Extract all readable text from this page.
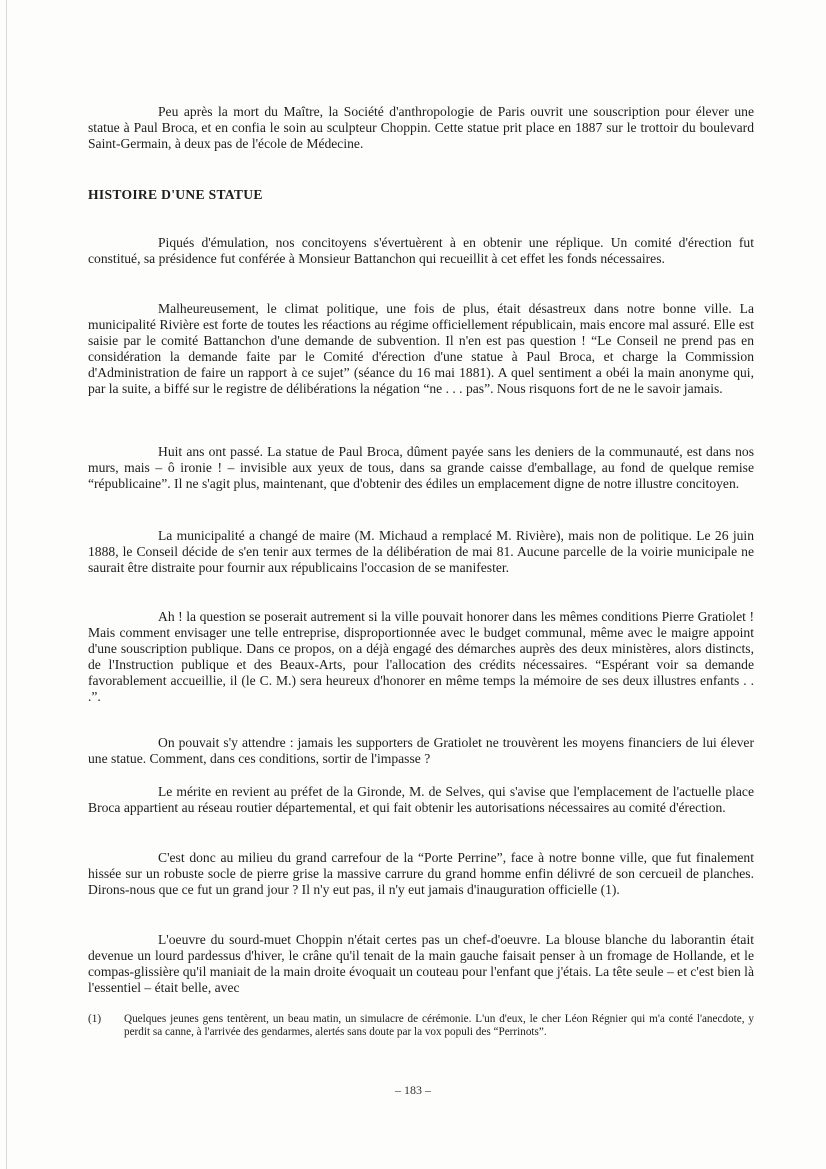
Peu après la mort du Maître, la Société d'anthropologie de Paris ouvrit une souscription pour élever une statue à Paul Broca, et en confia le soin au sculpteur Choppin. Cette statue prit place en 1887 sur le trottoir du boulevard Saint-Germain, à deux pas de l'école de Médecine.

HISTOIRE D'UNE STATUE

Piqués d'émulation, nos concitoyens s'évertuèrent à en obtenir une réplique. Un comité d'érection fut constitué, sa présidence fut conférée à Monsieur Battanchon qui recueillit à cet effet les fonds nécessaires.

Malheureusement, le climat politique, une fois de plus, était désastreux dans notre bonne ville. La municipalité Rivière est forte de toutes les réactions au régime officiellement républicain, mais encore mal assuré. Elle est saisie par le comité Battanchon d'une demande de subvention. Il n'en est pas question ! “Le Conseil ne prend pas en considération la demande faite par le Comité d'érection d'une statue à Paul Broca, et charge la Commission d'Administration de faire un rapport à ce sujet” (séance du 16 mai 1881). A quel sentiment a obéi la main anonyme qui, par la suite, a biffé sur le registre de délibérations la négation “ne . . . pas”. Nous risquons fort de ne le savoir jamais.

Huit ans ont passé. La statue de Paul Broca, dûment payée sans les deniers de la communauté, est dans nos murs, mais – ô ironie ! – invisible aux yeux de tous, dans sa grande caisse d'emballage, au fond de quelque remise “républicaine”. Il ne s'agit plus, maintenant, que d'obtenir des édiles un emplacement digne de notre illustre concitoyen.

La municipalité a changé de maire (M. Michaud a remplacé M. Rivière), mais non de politique. Le 26 juin 1888, le Conseil décide de s'en tenir aux termes de la délibération de mai 81. Aucune parcelle de la voirie municipale ne saurait être distraite pour fournir aux républicains l'occasion de se manifester.

Ah ! la question se poserait autrement si la ville pouvait honorer dans les mêmes conditions Pierre Gratiolet ! Mais comment envisager une telle entreprise, disproportionnée avec le budget communal, même avec le maigre appoint d'une souscription publique. Dans ce propos, on a déjà engagé des démarches auprès des deux ministères, alors distincts, de l'Instruction publique et des Beaux-Arts, pour l'allocation des crédits nécessaires. “Espérant voir sa demande favorablement accueillie, il (le C. M.) sera heureux d'honorer en même temps la mémoire de ses deux illustres enfants . . .”.

On pouvait s'y attendre : jamais les supporters de Gratiolet ne trouvèrent les moyens financiers de lui élever une statue. Comment, dans ces conditions, sortir de l'impasse ?

Le mérite en revient au préfet de la Gironde, M. de Selves, qui s'avise que l'emplacement de l'actuelle place Broca appartient au réseau routier départemental, et qui fait obtenir les autorisations nécessaires au comité d'érection.

C'est donc au milieu du grand carrefour de la “Porte Perrine”, face à notre bonne ville, que fut finalement hissée sur un robuste socle de pierre grise la massive carrure du grand homme enfin délivré de son cercueil de planches. Dirons-nous que ce fut un grand jour ? Il n'y eut pas, il n'y eut jamais d'inauguration officielle (1).

L'oeuvre du sourd-muet Choppin n'était certes pas un chef-d'oeuvre. La blouse blanche du laborantin était devenue un lourd pardessus d'hiver, le crâne qu'il tenait de la main gauche faisait penser à un fromage de Hollande, et le compas-glissière qu'il maniait de la main droite évoquait un couteau pour l'enfant que j'étais. La tête seule – et c'est bien là l'essentiel – était belle, avec

(1)	Quelques jeunes gens tentèrent, un beau matin, un simulacre de cérémonie. L'un d'eux, le cher Léon Régnier qui m'a conté l'anecdote, y perdit sa canne, à l'arrivée des gendarmes, alertés sans doute par la vox populi des “Perrinots”.
– 183 –
